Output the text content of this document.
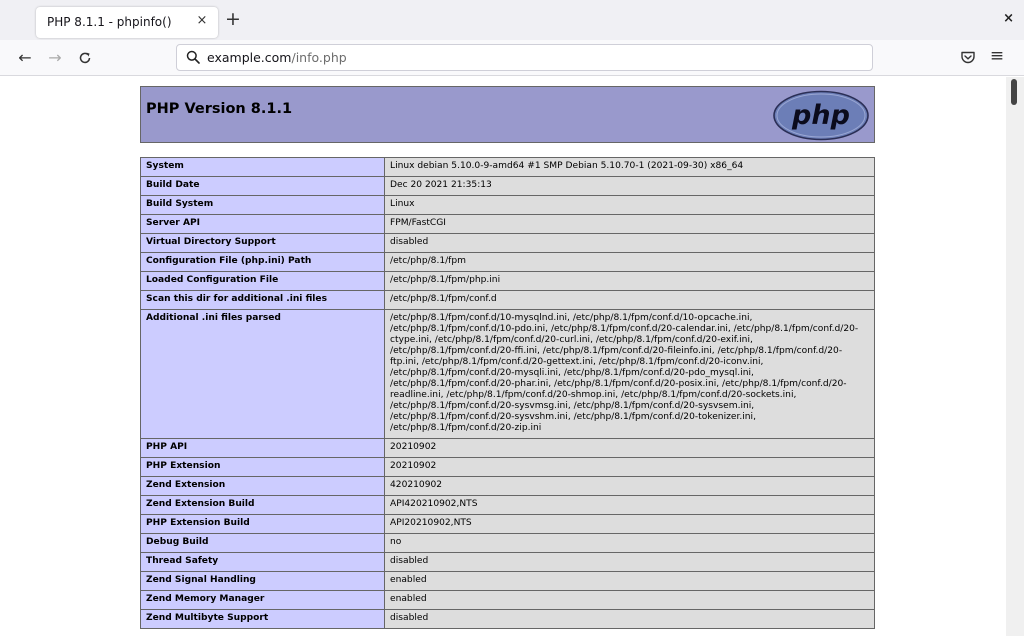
PHP 8.1.1 - phpinfo() × +	×
← →	example.com/info.php	≡
PHP Version 8.1.1	php
System	Linux debian 5.10.0-9-amd64 #1 SMP Debian 5.10.70-1 (2021-09-30) x86_64
Build Date	Dec 20 2021 21:35:13
Build System	Linux
Server API	FPM/FastCGI
Virtual Directory Support	disabled
Configuration File (php.ini) Path	/etc/php/8.1/fpm
Loaded Configuration File	/etc/php/8.1/fpm/php.ini
Scan this dir for additional .ini files	/etc/php/8.1/fpm/conf.d
Additional .ini files parsed	/etc/php/8.1/fpm/conf.d/10-mysqlnd.ini, /etc/php/8.1/fpm/conf.d/10-opcache.ini, /etc/php/8.1/fpm/conf.d/10-pdo.ini, /etc/php/8.1/fpm/conf.d/20-calendar.ini, /etc/php/8.1/fpm/conf.d/20-ctype.ini, /etc/php/8.1/fpm/conf.d/20-curl.ini, /etc/php/8.1/fpm/conf.d/20-exif.ini, /etc/php/8.1/fpm/conf.d/20-ffi.ini, /etc/php/8.1/fpm/conf.d/20-fileinfo.ini, /etc/php/8.1/fpm/conf.d/20-ftp.ini, /etc/php/8.1/fpm/conf.d/20-gettext.ini, /etc/php/8.1/fpm/conf.d/20-iconv.ini, /etc/php/8.1/fpm/conf.d/20-mysqli.ini, /etc/php/8.1/fpm/conf.d/20-pdo_mysql.ini, /etc/php/8.1/fpm/conf.d/20-phar.ini, /etc/php/8.1/fpm/conf.d/20-posix.ini, /etc/php/8.1/fpm/conf.d/20-readline.ini, /etc/php/8.1/fpm/conf.d/20-shmop.ini, /etc/php/8.1/fpm/conf.d/20-sockets.ini, /etc/php/8.1/fpm/conf.d/20-sysvmsg.ini, /etc/php/8.1/fpm/conf.d/20-sysvsem.ini, /etc/php/8.1/fpm/conf.d/20-sysvshm.ini, /etc/php/8.1/fpm/conf.d/20-tokenizer.ini, /etc/php/8.1/fpm/conf.d/20-zip.ini
PHP API	20210902
PHP Extension	20210902
Zend Extension	420210902
Zend Extension Build	API420210902,NTS
PHP Extension Build	API20210902,NTS
Debug Build	no
Thread Safety	disabled
Zend Signal Handling	enabled
Zend Memory Manager	enabled
Zend Multibyte Support	disabled
